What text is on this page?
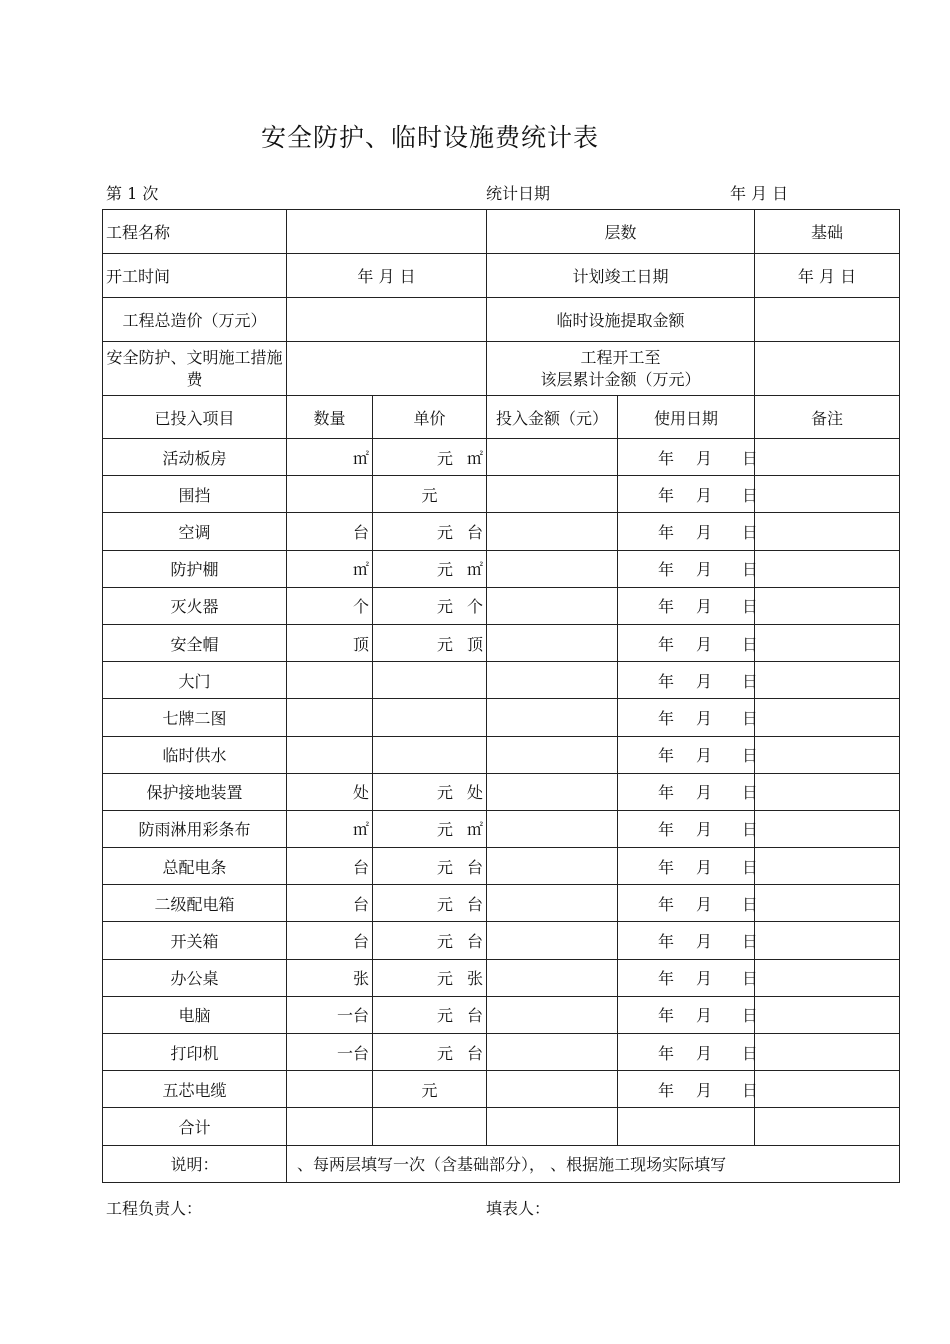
安全防护、临时设施费统计表
第 1 次	统计日期	年 月 日
工程名称			层数		基础
开工时间	年 月 日		计划竣工日期		年 月 日
工程总造价（万元）			临时设施提取金额		
安全防护、文明施工措施费			工程开工至
该层累计金额（万元）		

已投入项目	数量	单价	投入金额（元）	使用日期	备注
活动板房	㎡	元 ㎡		年 月 日	
围挡		元		年 月 日	
空调	台	元 台		年 月 日	
防护棚	㎡	元 ㎡		年 月 日	
灭火器	个	元 个		年 月 日	
安全帽	顶	元 顶		年 月 日	
大门				年 月 日	
七牌二图				年 月 日	
临时供水				年 月 日	
保护接地装置	处	元 处		年 月 日	
防雨淋用彩条布	㎡	元 ㎡		年 月 日	
总配电条	台	元 台		年 月 日	
二级配电箱	台	元 台		年 月 日	
开关箱	台	元 台		年 月 日	
办公桌	张	元 张		年 月 日	
电脑	一台	元 台		年 月 日	
打印机	一台	元 台		年 月 日	
五芯电缆		元		年 月 日	
合计					
说明：	、每两层填写一次（含基础部分）， 、根据施工现场实际填写				
工程负责人：	填表人：
